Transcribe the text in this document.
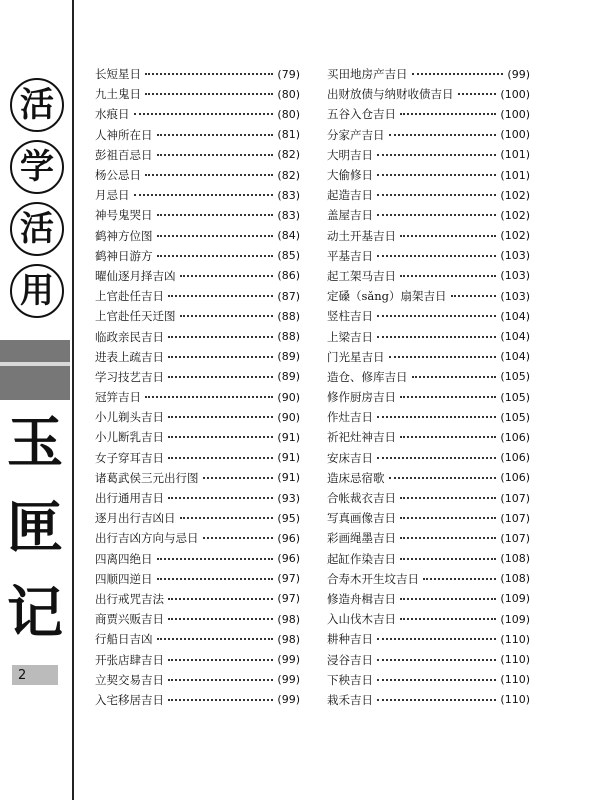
活
学
活
用
玉
匣
记
2
长短星日	(79)
九土鬼日	(80)
水痕日	(80)
人神所在日	(81)
彭祖百忌日	(82)
杨公忌日	(82)
月忌日	(83)
神号鬼哭日	(83)
鹤神方位图	(84)
鹤神日游方	(85)
曜仙逐月择吉凶	(86)
上官赴任吉日	(87)
上官赴任天迁图	(88)
临政亲民吉日	(88)
进表上疏吉日	(89)
学习技艺吉日	(89)
冠笄吉日	(90)
小儿剃头吉日	(90)
小儿断乳吉日	(91)
女子穿耳吉日	(91)
诸葛武侯三元出行图	(91)
出行通用吉日	(93)
逐月出行吉凶日	(95)
出行吉凶方向与忌日	(96)
四离四绝日	(96)
四顺四逆日	(97)
出行戒咒吉法	(97)
商贾兴贩吉日	(98)
行船日吉凶	(98)
开张店肆吉日	(99)
立契交易吉日	(99)
入宅移居吉日	(99)
买田地房产吉日	(99)
出财放债与纳财收债吉日	(100)
五谷入仓吉日	(100)
分家产吉日	(100)
大明吉日	(101)
大偷修日	(101)
起造吉日	(102)
盖屋吉日	(102)
动土开基吉日	(102)
平基吉日	(103)
起工架马吉日	(103)
定磉（sǎng）扇架吉日	(103)
竖柱吉日	(104)
上梁吉日	(104)
门光星吉日	(104)
造仓、修库吉日	(105)
修作厨房吉日	(105)
作灶吉日	(105)
祈祀灶神吉日	(106)
安床吉日	(106)
造床忌宿歌	(106)
合帐裁衣吉日	(107)
写真画像吉日	(107)
彩画绳墨吉日	(107)
起缸作染吉日	(108)
合寿木开生坟吉日	(108)
修造舟楫吉日	(109)
入山伐木吉日	(109)
耕种吉日	(110)
浸谷吉日	(110)
下秧吉日	(110)
栽禾吉日	(110)
